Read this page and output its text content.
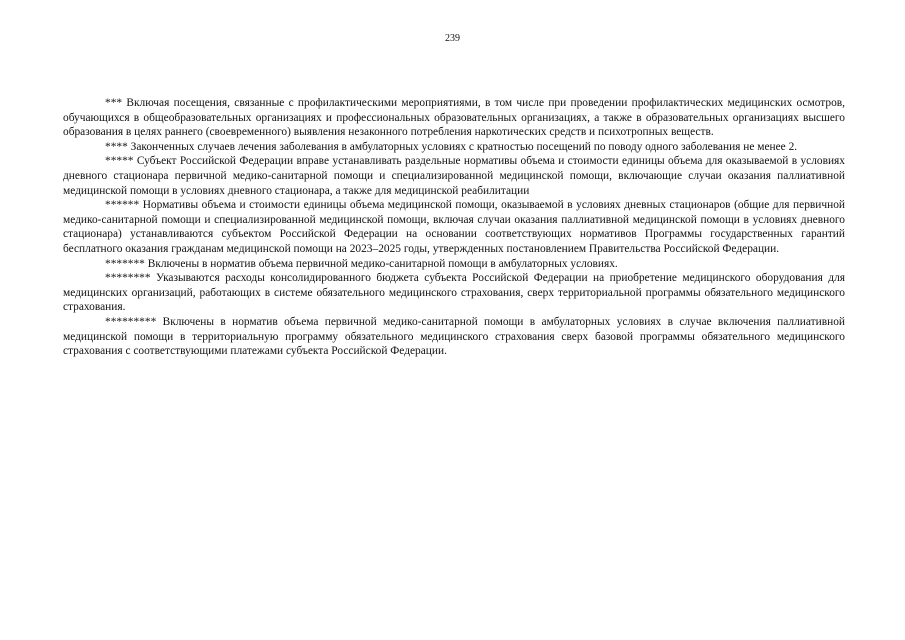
239

*** Включая посещения, связанные с профилактическими мероприятиями, в том числе при проведении профилактических медицинских осмотров, обучающихся в общеобразовательных организациях и профессиональных образовательных организациях, а также в образовательных организациях высшего образования в целях раннего (своевременного) выявления незаконного потребления наркотических средств и психотропных веществ.

**** Законченных случаев лечения заболевания в амбулаторных условиях с кратностью посещений по поводу одного заболевания не менее 2.

***** Субъект Российской Федерации вправе устанавливать раздельные нормативы объема и стоимости единицы объема для оказываемой в условиях дневного стационара первичной медико-санитарной помощи и специализированной медицинской помощи, включающие случаи оказания паллиативной медицинской помощи в условиях дневного стационара, а также для медицинской реабилитации

****** Нормативы объема и стоимости единицы объема медицинской помощи, оказываемой в условиях дневных стационаров (общие для первичной медико-санитарной помощи и специализированной медицинской помощи, включая случаи оказания паллиативной медицинской помощи в условиях дневного стационара) устанавливаются субъектом Российской Федерации на основании соответствующих нормативов Программы государственных гарантий бесплатного оказания гражданам медицинской помощи на 2023–2025 годы, утвержденных постановлением Правительства Российской Федерации.

******* Включены в норматив объема первичной медико-санитарной помощи в амбулаторных условиях.

******** Указываются расходы консолидированного бюджета субъекта Российской Федерации на приобретение медицинского оборудования для медицинских организаций, работающих в системе обязательного медицинского страхования, сверх территориальной программы обязательного медицинского страхования.

********* Включены в норматив объема первичной медико-санитарной помощи в амбулаторных условиях в случае включения паллиативной медицинской помощи в территориальную программу обязательного медицинского страхования сверх базовой программы обязательного медицинского страхования с соответствующими платежами субъекта Российской Федерации.
